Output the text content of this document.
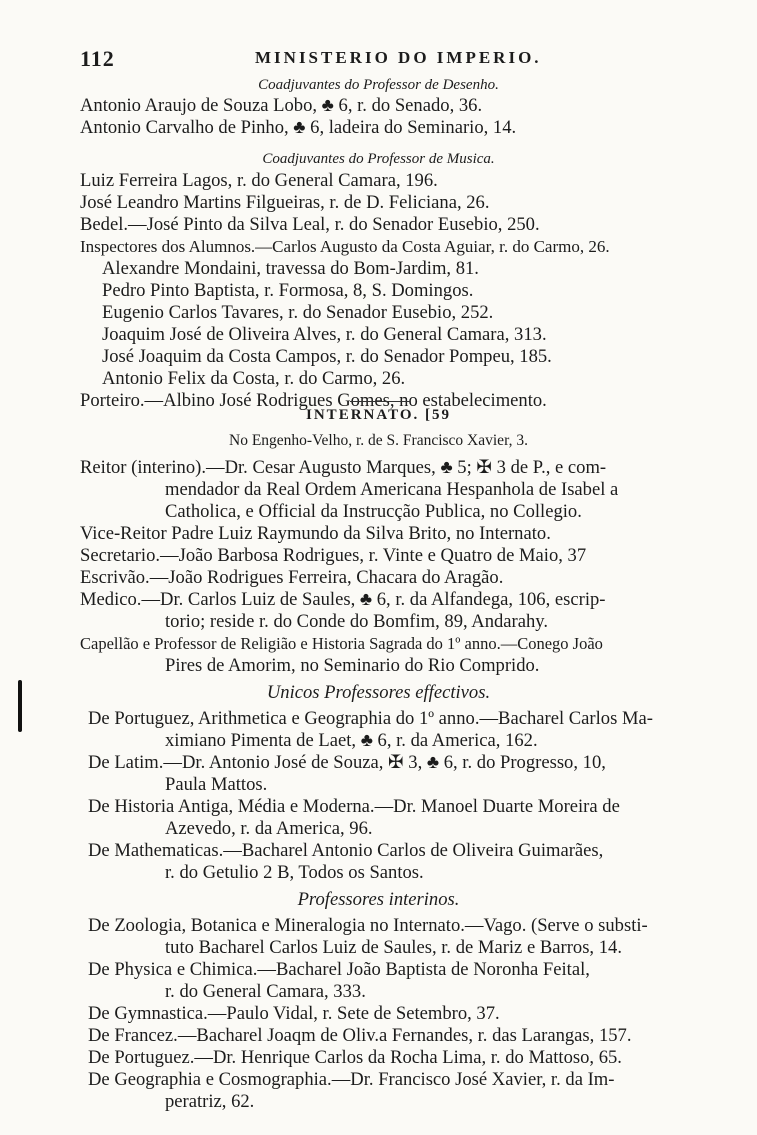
112	MINISTERIO DO IMPERIO.
Coadjuvantes do Professor de Desenho.
Antonio Araujo de Souza Lobo, ♣ 6, r. do Senado, 36.
Antonio Carvalho de Pinho, ♣ 6, ladeira do Seminario, 14.
Coadjuvantes do Professor de Musica.
Luiz Ferreira Lagos, r. do General Camara, 196.
José Leandro Martins Filgueiras, r. de D. Feliciana, 26.
Bedel.—José Pinto da Silva Leal, r. do Senador Eusebio, 250.
Inspectores dos Alumnos.—Carlos Augusto da Costa Aguiar, r. do Carmo, 26.
Alexandre Mondaini, travessa do Bom-Jardim, 81.
Pedro Pinto Baptista, r. Formosa, 8, S. Domingos.
Eugenio Carlos Tavares, r. do Senador Eusebio, 252.
Joaquim José de Oliveira Alves, r. do General Camara, 313.
José Joaquim da Costa Campos, r. do Senador Pompeu, 185.
Antonio Felix da Costa, r. do Carmo, 26.
Porteiro.—Albino José Rodrigues Gomes, no estabelecimento.
INTERNATO. [59
No Engenho-Velho, r. de S. Francisco Xavier, 3.
Reitor (interino).—Dr. Cesar Augusto Marques, ♣ 5; ✠ 3 de P., e com-
mendador da Real Ordem Americana Hespanhola de Isabel a
Catholica, e Official da Instrucção Publica, no Collegio.
Vice-Reitor Padre Luiz Raymundo da Silva Brito, no Internato.
Secretario.—João Barbosa Rodrigues, r. Vinte e Quatro de Maio, 37
Escrivão.—João Rodrigues Ferreira, Chacara do Aragão.
Medico.—Dr. Carlos Luiz de Saules, ♣ 6, r. da Alfandega, 106, escrip-
torio; reside r. do Conde do Bomfim, 89, Andarahy.
Capellão e Professor de Religião e Historia Sagrada do 1º anno.—Conego João
Pires de Amorim, no Seminario do Rio Comprido.
Unicos Professores effectivos.
De Portuguez, Arithmetica e Geographia do 1º anno.—Bacharel Carlos Ma-
ximiano Pimenta de Laet, ♣ 6, r. da America, 162.
De Latim.—Dr. Antonio José de Souza, ✠ 3, ♣ 6, r. do Progresso, 10,
Paula Mattos.
De Historia Antiga, Média e Moderna.—Dr. Manoel Duarte Moreira de
Azevedo, r. da America, 96.
De Mathematicas.—Bacharel Antonio Carlos de Oliveira Guimarães,
r. do Getulio 2 B, Todos os Santos.
Professores interinos.
De Zoologia, Botanica e Mineralogia no Internato.—Vago. (Serve o substi-
tuto Bacharel Carlos Luiz de Saules, r. de Mariz e Barros, 14.
De Physica e Chimica.—Bacharel João Baptista de Noronha Feital,
r. do General Camara, 333.
De Gymnastica.—Paulo Vidal, r. Sete de Setembro, 37.
De Francez.—Bacharel Joaqm de Oliv.a Fernandes, r. das Larangas, 157.
De Portuguez.—Dr. Henrique Carlos da Rocha Lima, r. do Mattoso, 65.
De Geographia e Cosmographia.—Dr. Francisco José Xavier, r. da Im-
peratriz, 62.
